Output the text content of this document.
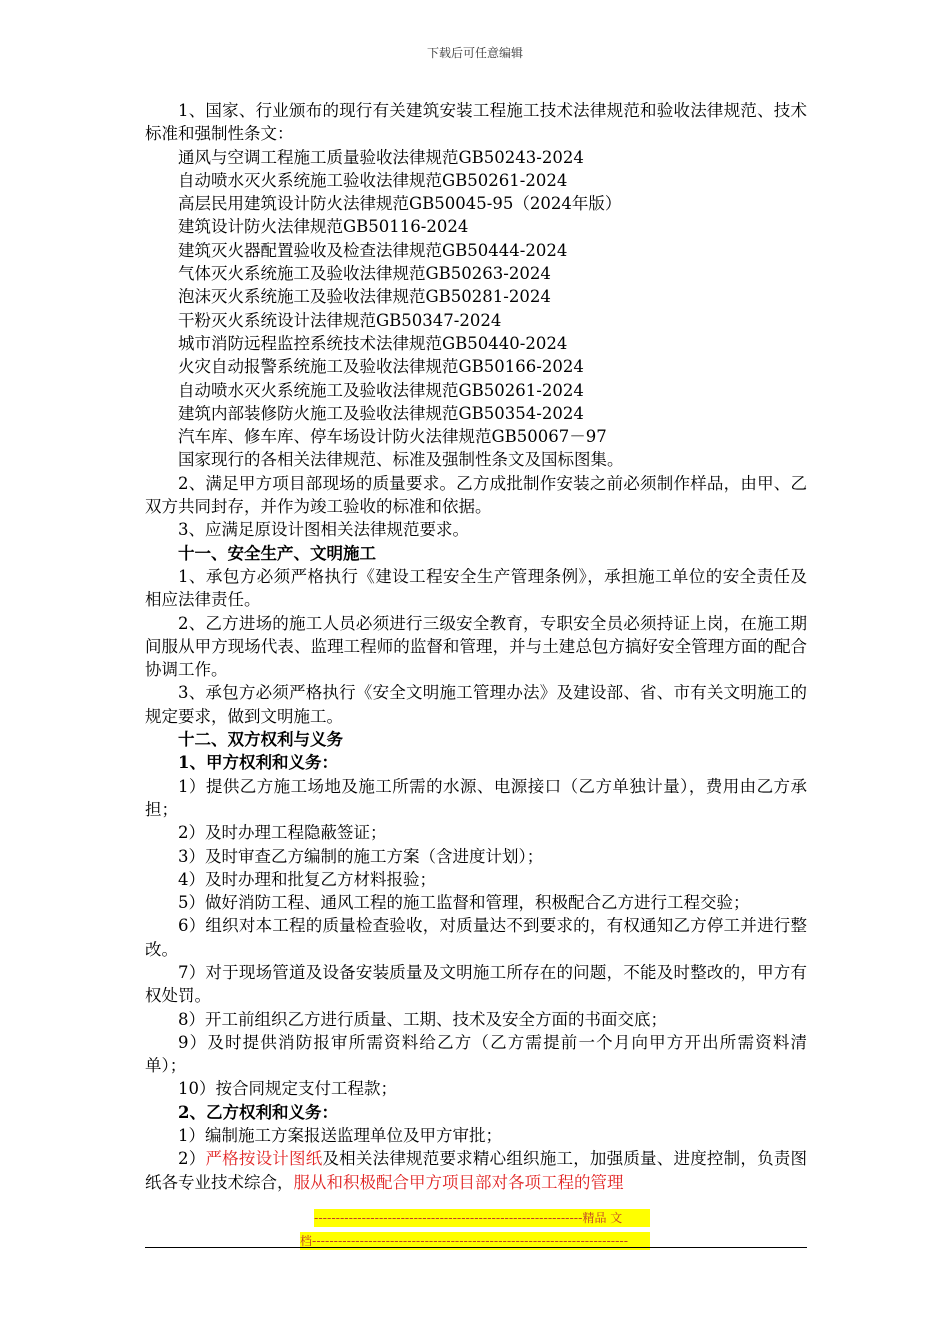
下载后可任意编辑

1、国家、行业颁布的现行有关建筑安装工程施工技术法律规范和验收法律规范、技术标准和强制性条文：

通风与空调工程施工质量验收法律规范GB50243-2024

自动喷水灭火系统施工验收法律规范GB50261-2024

高层民用建筑设计防火法律规范GB50045-95（2024年版）

建筑设计防火法律规范GB50116-2024

建筑灭火器配置验收及检查法律规范GB50444-2024

气体灭火系统施工及验收法律规范GB50263-2024

泡沫灭火系统施工及验收法律规范GB50281-2024

干粉灭火系统设计法律规范GB50347-2024

城市消防远程监控系统技术法律规范GB50440-2024

火灾自动报警系统施工及验收法律规范GB50166-2024

自动喷水灭火系统施工及验收法律规范GB50261-2024

建筑内部装修防火施工及验收法律规范GB50354-2024

汽车库、修车库、停车场设计防火法律规范GB50067－97

国家现行的各相关法律规范、标准及强制性条文及国标图集。

2、满足甲方项目部现场的质量要求。乙方成批制作安装之前必须制作样品，由甲、乙双方共同封存，并作为竣工验收的标准和依据。

3、应满足原设计图相关法律规范要求。

十一、安全生产、文明施工

1、承包方必须严格执行《建设工程安全生产管理条例》，承担施工单位的安全责任及相应法律责任。

2、乙方进场的施工人员必须进行三级安全教育，专职安全员必须持证上岗，在施工期间服从甲方现场代表、监理工程师的监督和管理，并与土建总包方搞好安全管理方面的配合协调工作。

3、承包方必须严格执行《安全文明施工管理办法》及建设部、省、市有关文明施工的规定要求，做到文明施工。

十二、双方权利与义务

1、甲方权利和义务：

1）提供乙方施工场地及施工所需的水源、电源接口（乙方单独计量），费用由乙方承担；

2）及时办理工程隐蔽签证；

3）及时审查乙方编制的施工方案（含进度计划）；

4）及时办理和批复乙方材料报验；

5）做好消防工程、通风工程的施工监督和管理，积极配合乙方进行工程交验；

6）组织对本工程的质量检查验收，对质量达不到要求的，有权通知乙方停工并进行整改。

7）对于现场管道及设备安装质量及文明施工所存在的问题，不能及时整改的，甲方有权处罚。

8）开工前组织乙方进行质量、工期、技术及安全方面的书面交底；

9）及时提供消防报审所需资料给乙方（乙方需提前一个月向甲方开出所需资料清单）；

10）按合同规定支付工程款；

2、乙方权利和义务：

1）编制施工方案报送监理单位及甲方审批；

2）严格按设计图纸及相关法律规范要求精心组织施工，加强质量、进度控制，负责图纸各专业技术综合，服从和积极配合甲方项目部对各项工程的管理

--------------------------------------------------------------精品 文
档-------------------------------------------------------------------------
